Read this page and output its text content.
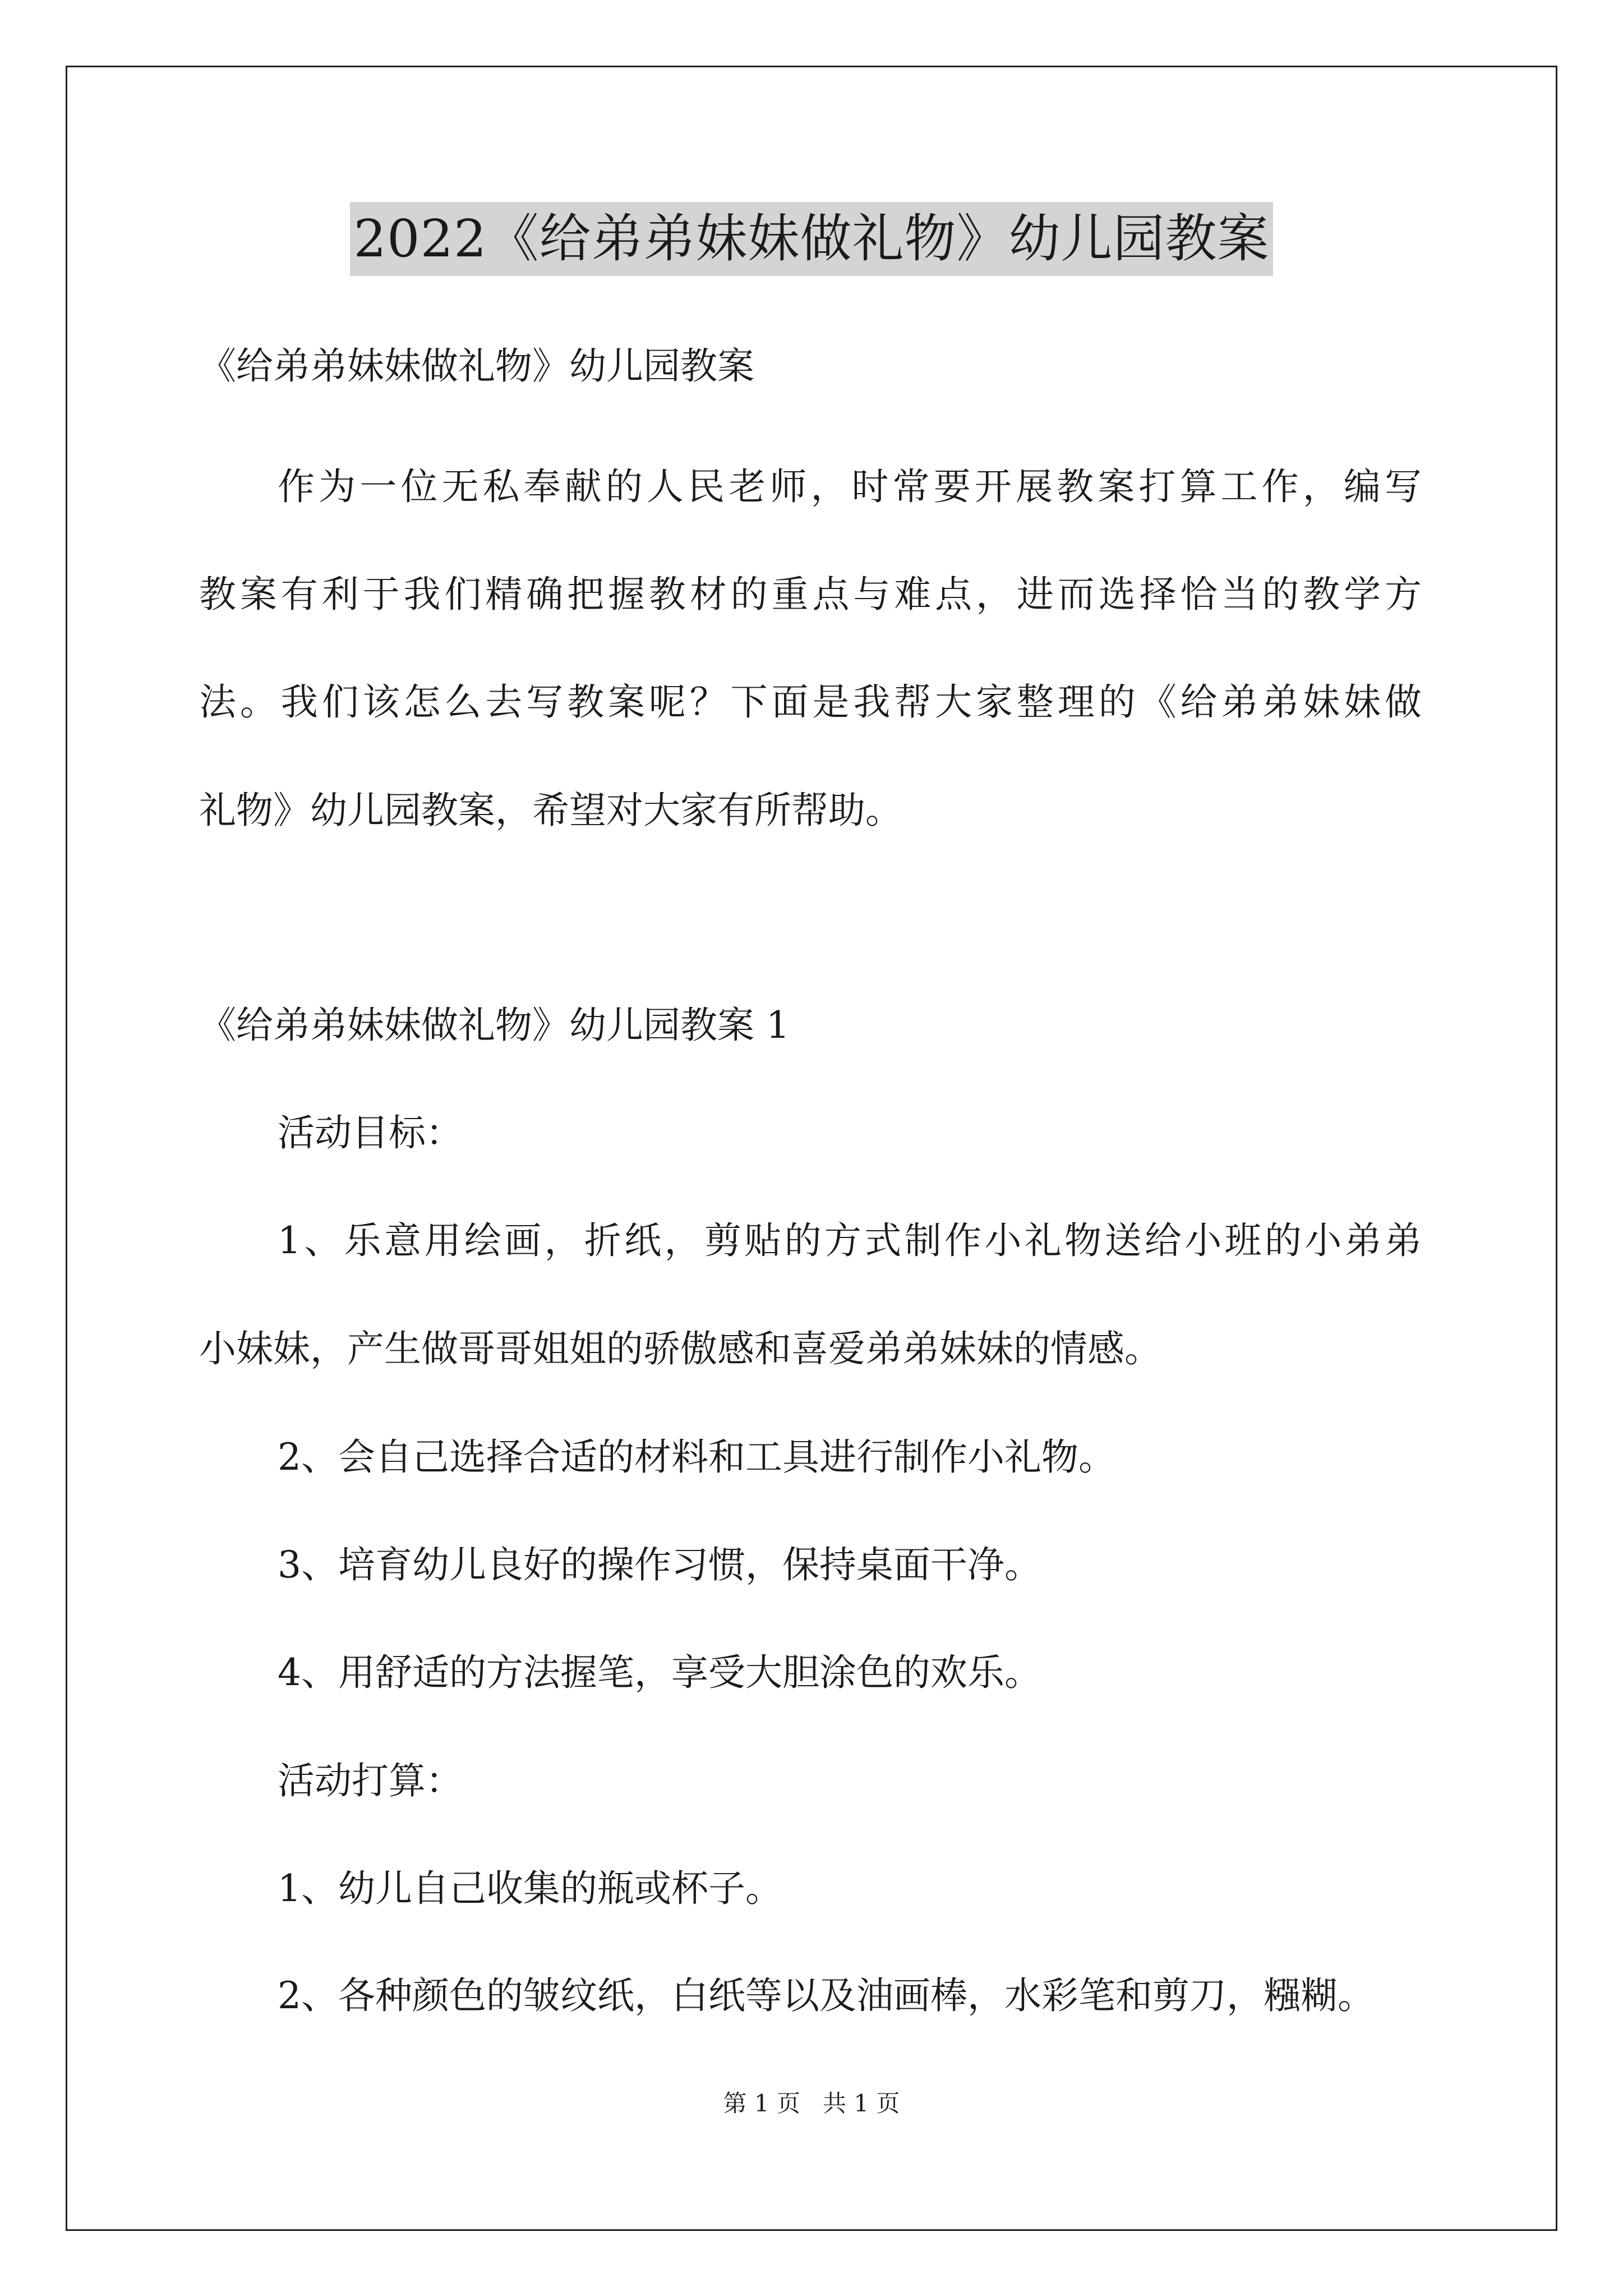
2022《给弟弟妹妹做礼物》幼儿园教案
《给弟弟妹妹做礼物》幼儿园教案
作为一位无私奉献的人民老师，时常要开展教案打算工作，编写
教案有利于我们精确把握教材的重点与难点，进而选择恰当的教学方
法。我们该怎么去写教案呢？下面是我帮大家整理的《给弟弟妹妹做
礼物》幼儿园教案，希望对大家有所帮助。
《给弟弟妹妹做礼物》幼儿园教案 1
活动目标：
1、乐意用绘画，折纸，剪贴的方式制作小礼物送给小班的小弟弟
小妹妹，产生做哥哥姐姐的骄傲感和喜爱弟弟妹妹的情感。
2、会自己选择合适的材料和工具进行制作小礼物。
3、培育幼儿良好的操作习惯，保持桌面干净。
4、用舒适的方法握笔，享受大胆涂色的欢乐。
活动打算：
1、幼儿自己收集的瓶或杯子。
2、各种颜色的皱纹纸，白纸等以及油画棒，水彩笔和剪刀，糨糊。
第 1 页   共 1 页
